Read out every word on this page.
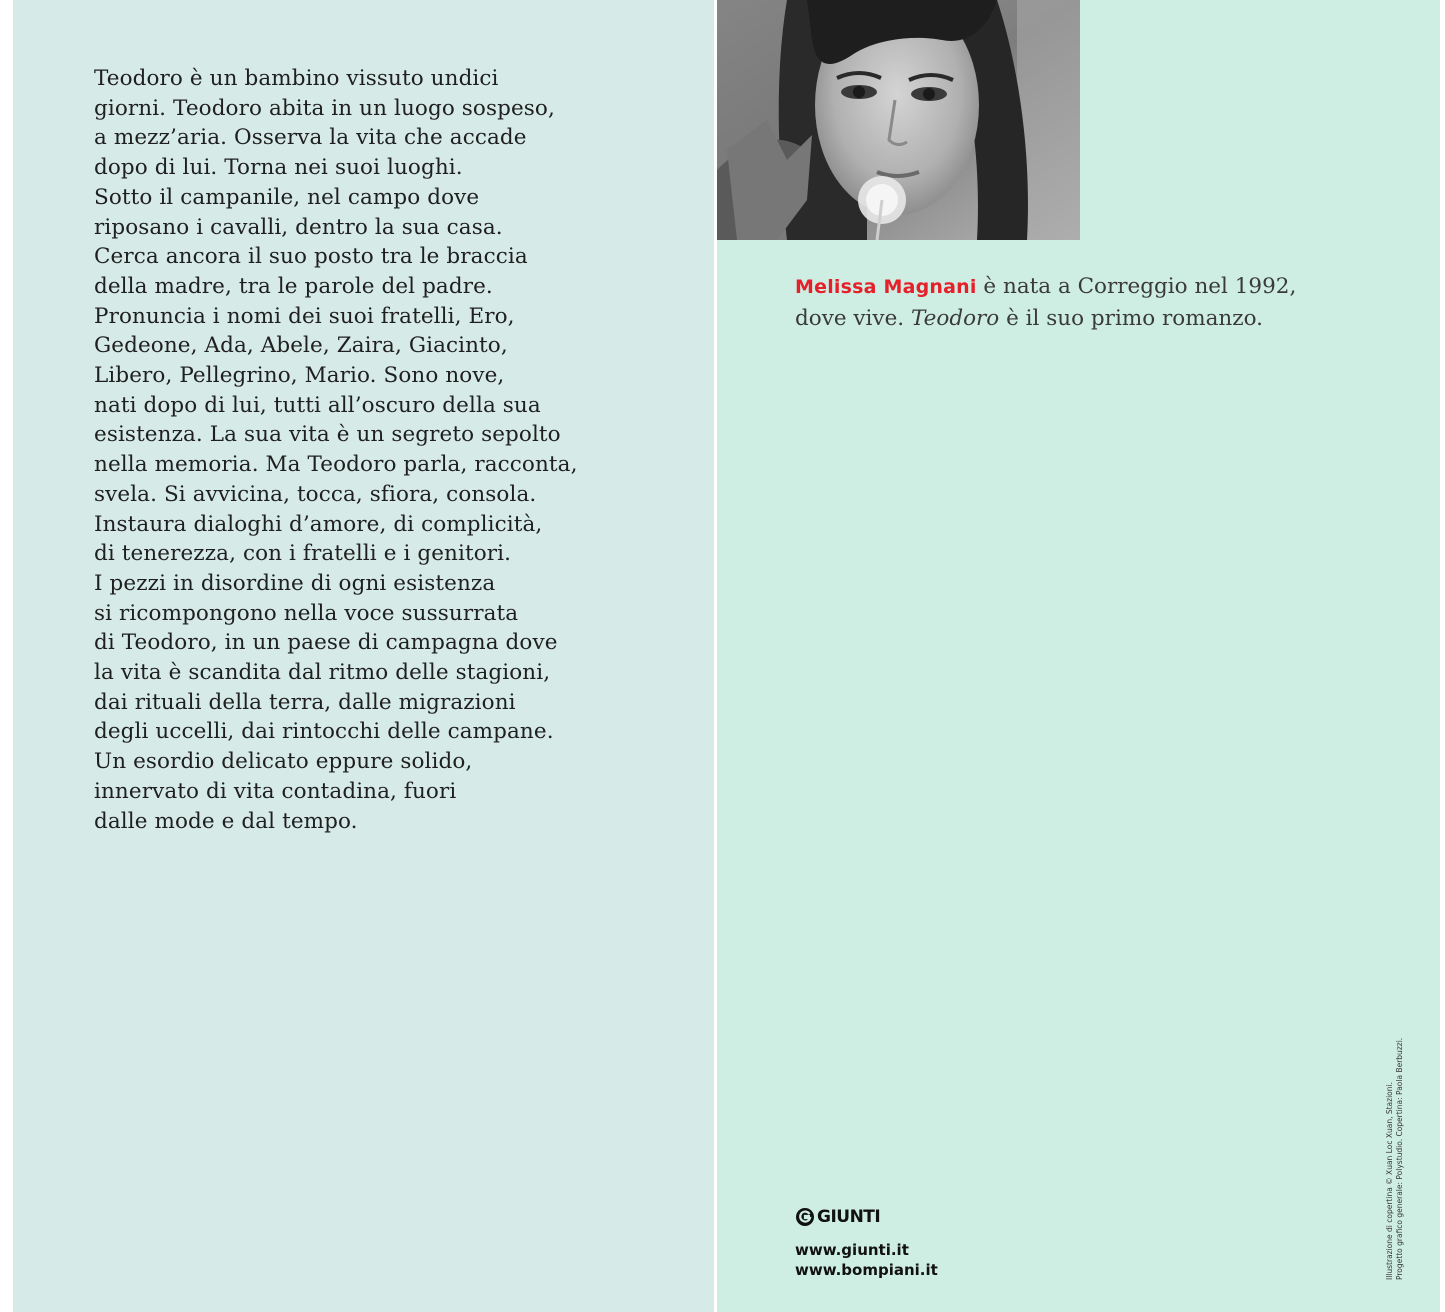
Teodoro è un bambino vissuto undici
giorni. Teodoro abita in un luogo sospeso,
a mezz’aria. Osserva la vita che accade
dopo di lui. Torna nei suoi luoghi.
Sotto il campanile, nel campo dove
riposano i cavalli, dentro la sua casa.
Cerca ancora il suo posto tra le braccia
della madre, tra le parole del padre.
Pronuncia i nomi dei suoi fratelli, Ero,
Gedeone, Ada, Abele, Zaira, Giacinto,
Libero, Pellegrino, Mario. Sono nove,
nati dopo di lui, tutti all’oscuro della sua
esistenza. La sua vita è un segreto sepolto
nella memoria. Ma Teodoro parla, racconta,
svela. Si avvicina, tocca, sfiora, consola.
Instaura dialoghi d’amore, di complicità,
di tenerezza, con i fratelli e i genitori.
I pezzi in disordine di ogni esistenza
si ricompongono nella voce sussurrata
di Teodoro, in un paese di campagna dove
la vita è scandita dal ritmo delle stagioni,
dai rituali della terra, dalle migrazioni
degli uccelli, dai rintocchi delle campane.
Un esordio delicato eppure solido,
innervato di vita contadina, fuori
dalle mode e dal tempo.

Melissa Magnani è nata a Correggio nel 1992,
dove vive. Teodoro è il suo primo romanzo.

GIUNTI
www.giunti.it
www.bompiani.it	Illustrazione di copertina © Xuan Loc Xuan, Stazioni. Progetto grafico generale: Polystudio. Copertina: Paola Berbuzzi.
